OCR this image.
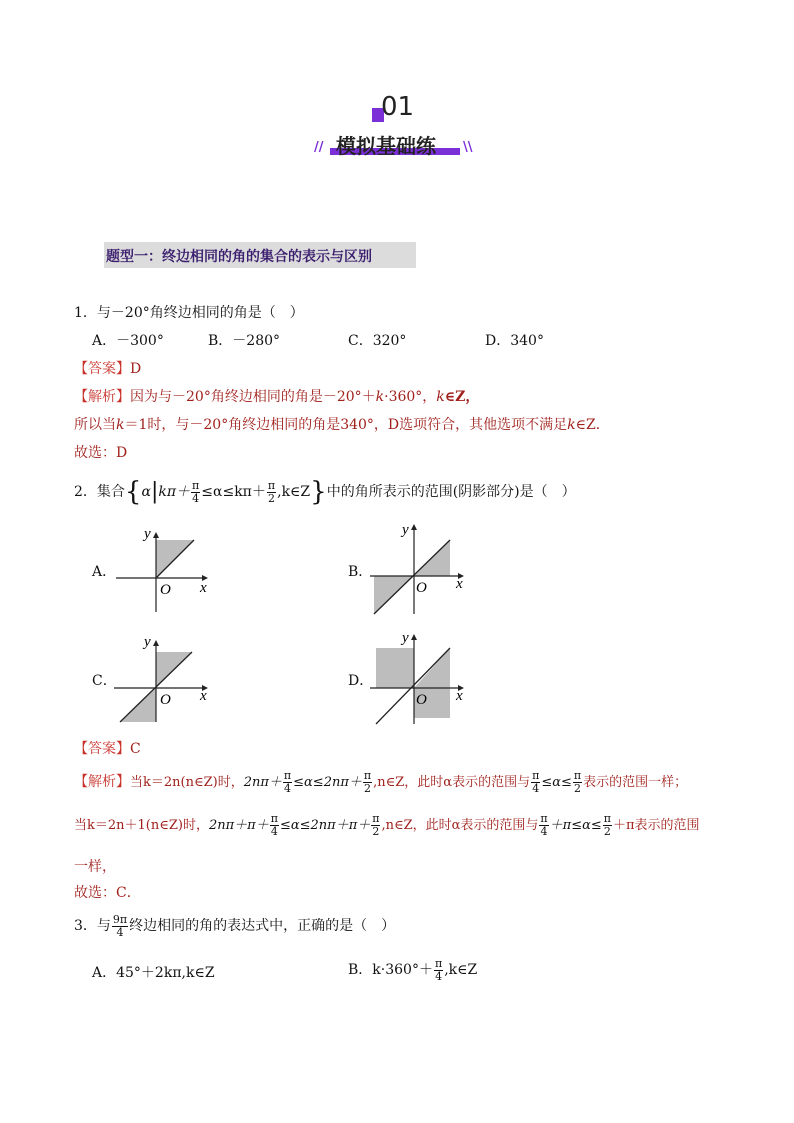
01
模拟基础练
//	\\
题型一：终边相同的角的集合的表示与区别
1．与－20°角终边相同的角是（　）
A．－300°	B．－280°	C．320°	D．340°
【答案】D
【解析】因为与－20°角终边相同的角是－20°＋k·360°，k∈Z，
所以当k＝1时，与－20°角终边相同的角是340°，D选项符合，其他选项不满足k∈Z．
故选：D
2．集合{$\alpha|k\pi+ \frac{\pi}{4} \le\alpha\le k\pi+ \frac{\pi}{2}$ ,k∈Z}中的角所表示的范围(阴影部分)是（　）
A．	B．
C．	D．
x
y
O	x
y
O
x
y
O	x
y
O
【答案】C
【解析】当k＝2n(n∈Z)时，$2n\pi+ \frac{\pi}{4} \le\alpha\le 2n\pi+ \frac{\pi}{2}$ ,n∈Z，此时α表示的范围与 $\frac{\pi}{4} \le\alpha\le \frac{\pi}{2}$ 表示的范围一样；
当k＝2n＋1(n∈Z)时，$2n\pi+\pi+ \frac{\pi}{4} \le\alpha\le 2n\pi+\pi+ \frac{\pi}{2}$ ,n∈Z，此时α表示的范围与 $\frac{\pi}{4} +\pi\le\alpha\le \frac{\pi}{2} +\pi$表示的范围
一样，
故选：C．
3．与 $\frac{9\pi}{4}$ 终边相同的角的表达式中，正确的是（　）
A．45°＋2kπ,k∈Z	B．$k\cdot 360^\circ+ \frac{\pi}{4}$ ,k∈Z
